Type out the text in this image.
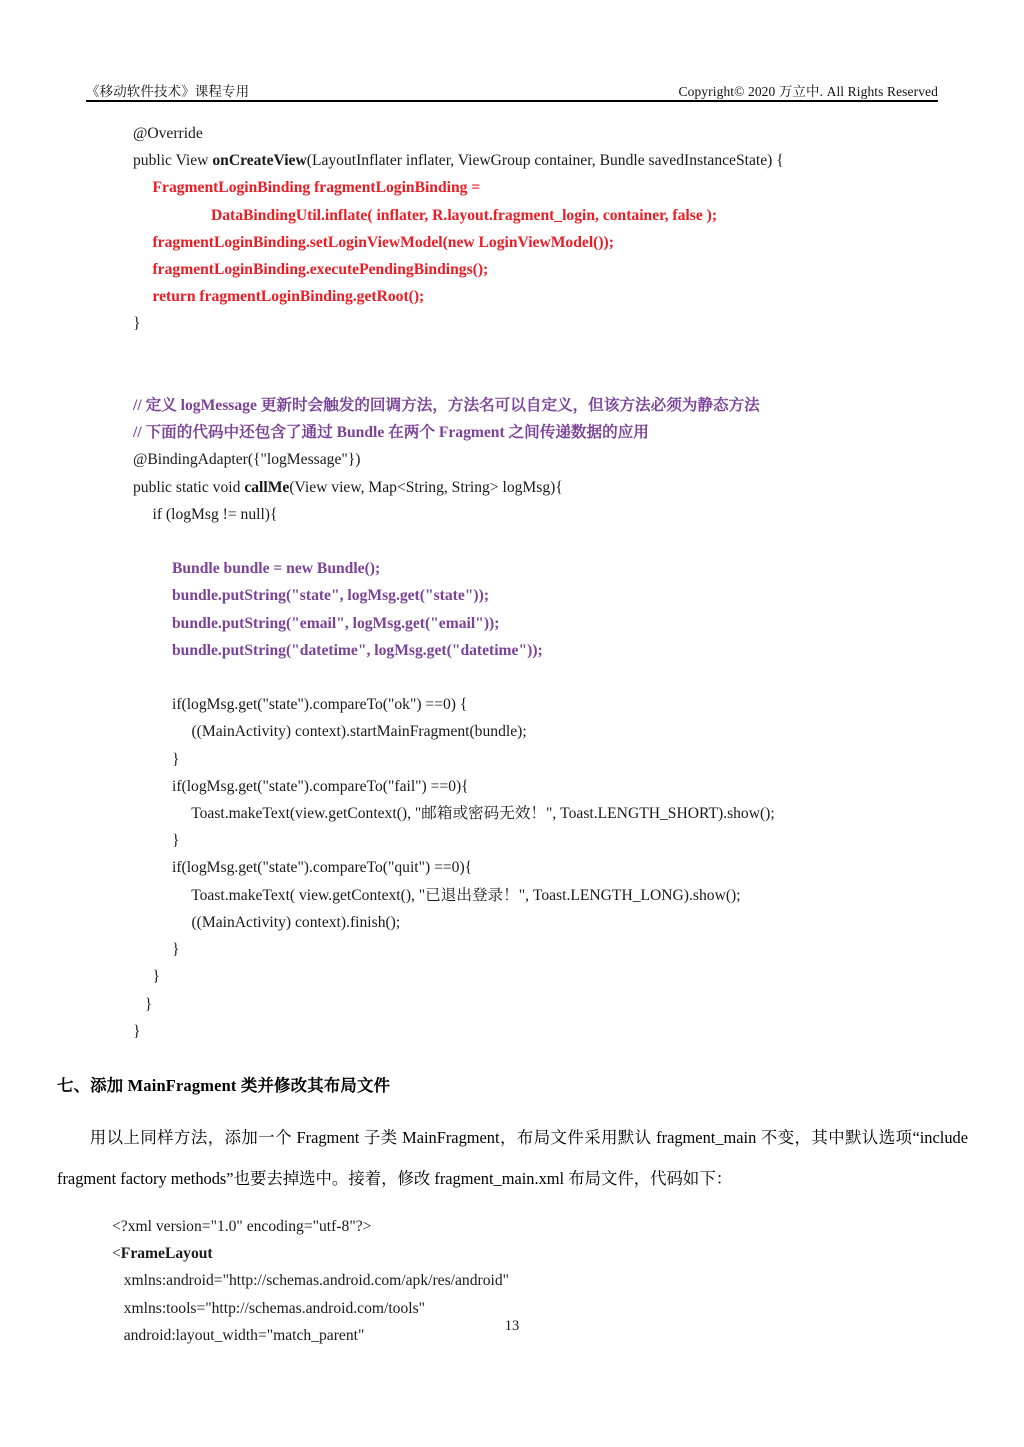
《移动软件技术》课程专用	Copyright© 2020 万立中. All Rights Reserved
@Override
public View onCreateView(LayoutInflater inflater, ViewGroup container, Bundle savedInstanceState) {
FragmentLoginBinding fragmentLoginBinding =
DataBindingUtil.inflate( inflater, R.layout.fragment_login, container, false );
fragmentLoginBinding.setLoginViewModel(new LoginViewModel());
fragmentLoginBinding.executePendingBindings();
return fragmentLoginBinding.getRoot();
}

// 定义 logMessage 更新时会触发的回调方法，方法名可以自定义，但该方法必须为静态方法
// 下面的代码中还包含了通过 Bundle 在两个 Fragment 之间传递数据的应用
@BindingAdapter({"logMessage"})
public static void callMe(View view, Map<String, String> logMsg){
if (logMsg != null){

Bundle bundle = new Bundle();
bundle.putString("state", logMsg.get("state"));
bundle.putString("email", logMsg.get("email"));
bundle.putString("datetime", logMsg.get("datetime"));

if(logMsg.get("state").compareTo("ok") ==0) {
((MainActivity) context).startMainFragment(bundle);
}
if(logMsg.get("state").compareTo("fail") ==0){
Toast.makeText(view.getContext(), "邮箱或密码无效！", Toast.LENGTH_SHORT).show();
}
if(logMsg.get("state").compareTo("quit") ==0){
Toast.makeText( view.getContext(), "已退出登录！", Toast.LENGTH_LONG).show();
((MainActivity) context).finish();
}
}
}
}
七、添加 MainFragment 类并修改其布局文件
用以上同样方法，添加一个 Fragment 子类 MainFragment，布局文件采用默认 fragment_main 不变，其中默认选项“include fragment factory methods”也要去掉选中。接着，修改 fragment_main.xml 布局文件，代码如下：
<?xml version="1.0" encoding="utf-8"?>
<FrameLayout
xmlns:android="http://schemas.android.com/apk/res/android"
xmlns:tools="http://schemas.android.com/tools"
android:layout_width="match_parent"
13
